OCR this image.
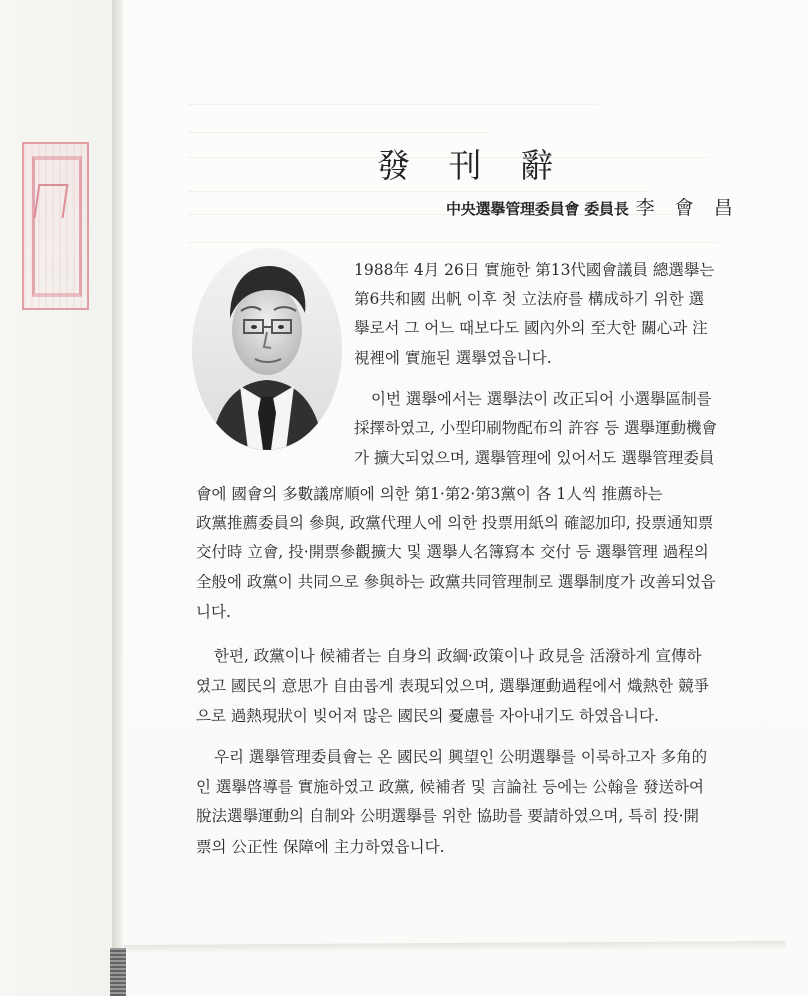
發 刊 辭
中央選擧管理委員會 委員長 李 會 昌
1988年 4月 26日 實施한 第13代國會議員 總選擧는
第6共和國 出帆 이후 첫 立法府를 構成하기 위한 選
擧로서 그 어느 때보다도 國內外의 至大한 關心과 注
視裡에 實施된 選擧였읍니다.
이번 選擧에서는 選擧法이 改正되어 小選擧區制를
採擇하였고, 小型印刷物配布의 許容 등 選擧運動機會
가 擴大되었으며, 選擧管理에 있어서도 選擧管理委員
會에 國會의 多數議席順에 의한 第1·第2·第3黨이 各 1人씩 推薦하는
政黨推薦委員의 參與, 政黨代理人에 의한 投票用紙의 確認加印, 投票通知票
交付時 立會, 投·開票參觀擴大 및 選擧人名簿寫本 交付 등 選擧管理 過程의
全般에 政黨이 共同으로 參與하는 政黨共同管理制로 選擧制度가 改善되었읍
니다.
한편, 政黨이나 候補者는 自身의 政綱·政策이나 政見을 活潑하게 宣傳하
였고 國民의 意思가 自由롭게 表現되었으며, 選擧運動過程에서 熾熱한 競爭
으로 過熱現狀이 빚어져 많은 國民의 憂慮를 자아내기도 하였읍니다.
우리 選擧管理委員會는 온 國民의 興望인 公明選擧를 이룩하고자 多角的
인 選擧啓導를 實施하였고 政黨, 候補者 및 言論社 등에는 公翰을 發送하여
脫法選擧運動의 自制와 公明選擧를 위한 協助를 要請하였으며, 특히 投·開
票의 公正性 保障에 主力하였읍니다.
